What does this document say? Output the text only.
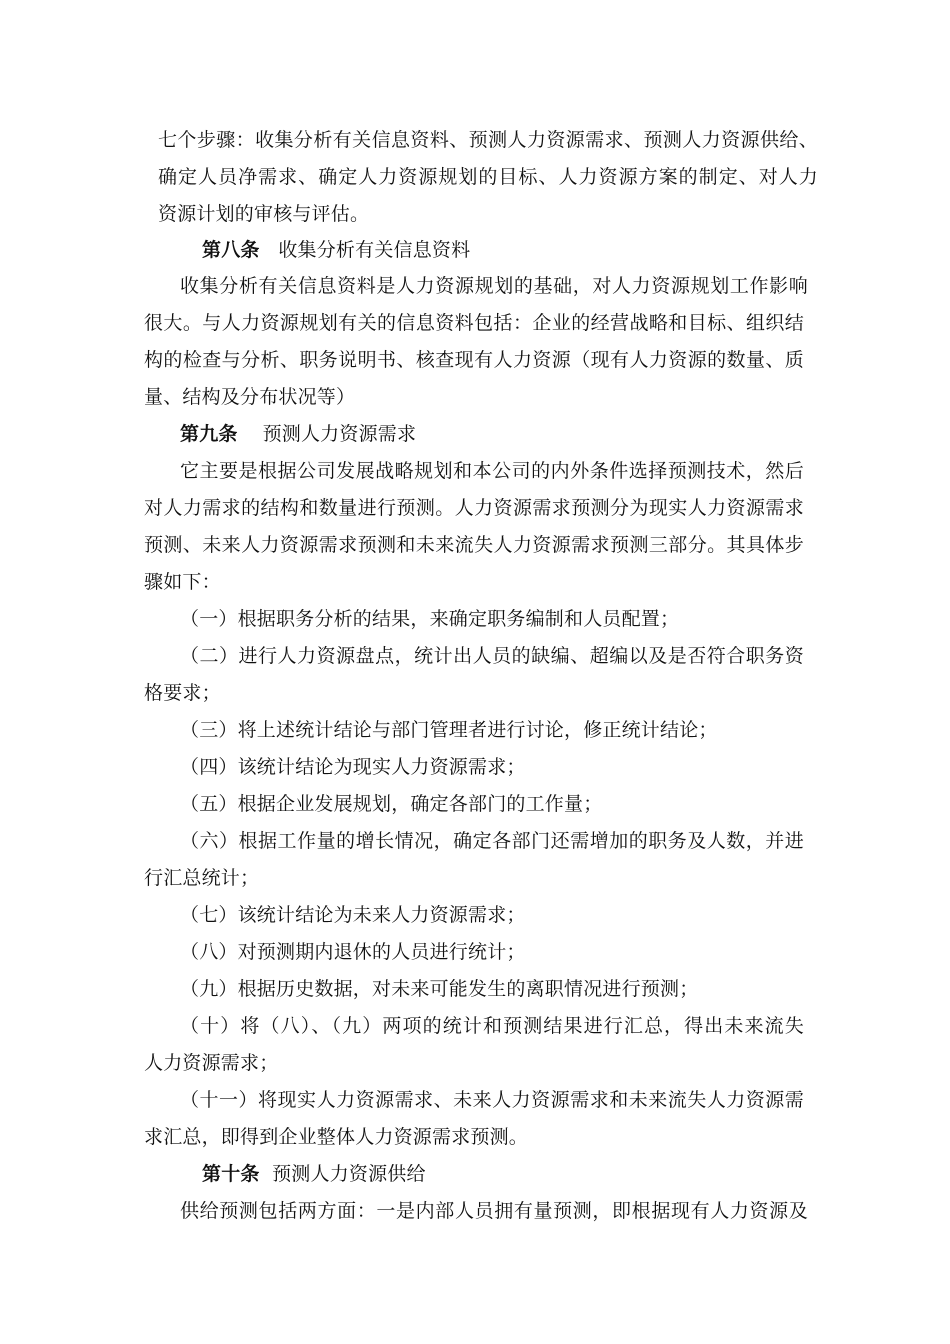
七个步骤：收集分析有关信息资料、预测人力资源需求、预测人力资源供给、
确定人员净需求、确定人力资源规划的目标、人力资源方案的制定、对人力
资源计划的审核与评估。
第八条 收集分析有关信息资料
收集分析有关信息资料是人力资源规划的基础，对人力资源规划工作影响
很大。与人力资源规划有关的信息资料包括：企业的经营战略和目标、组织结
构的检查与分析、职务说明书、核查现有人力资源（现有人力资源的数量、质
量、结构及分布状况等）
第九条 预测人力资源需求
它主要是根据公司发展战略规划和本公司的内外条件选择预测技术，然后
对人力需求的结构和数量进行预测。人力资源需求预测分为现实人力资源需求
预测、未来人力资源需求预测和未来流失人力资源需求预测三部分。其具体步
骤如下：
（一）根据职务分析的结果，来确定职务编制和人员配置；
（二）进行人力资源盘点，统计出人员的缺编、超编以及是否符合职务资
格要求；
（三）将上述统计结论与部门管理者进行讨论，修正统计结论；
（四）该统计结论为现实人力资源需求；
（五）根据企业发展规划，确定各部门的工作量；
（六）根据工作量的增长情况，确定各部门还需增加的职务及人数，并进
行汇总统计；
（七）该统计结论为未来人力资源需求；
（八）对预测期内退休的人员进行统计；
（九）根据历史数据，对未来可能发生的离职情况进行预测；
（十）将（八）、（九）两项的统计和预测结果进行汇总，得出未来流失
人力资源需求；
（十一）将现实人力资源需求、未来人力资源需求和未来流失人力资源需
求汇总，即得到企业整体人力资源需求预测。
第十条 预测人力资源供给
供给预测包括两方面：一是内部人员拥有量预测，即根据现有人力资源及
